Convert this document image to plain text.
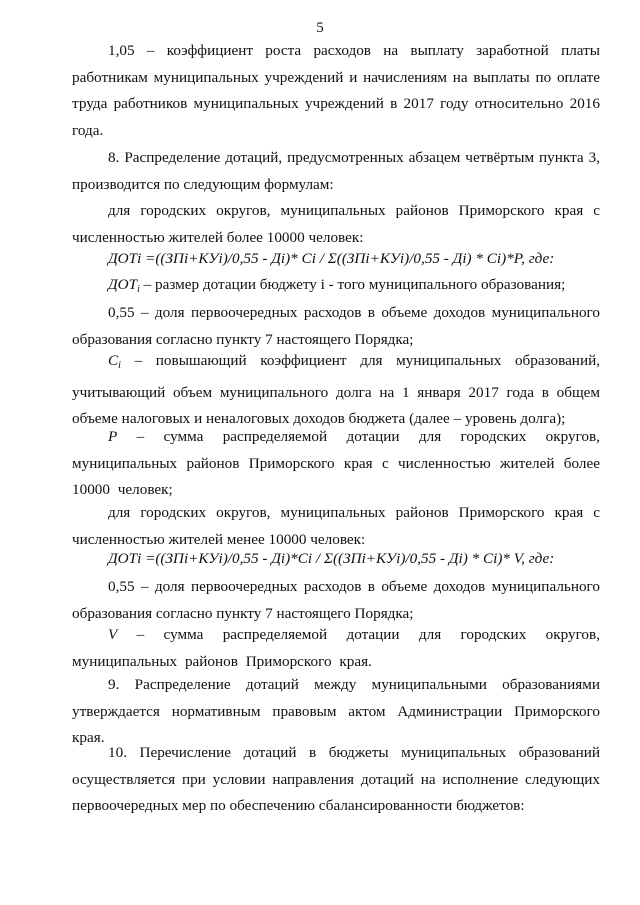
5

1,05 – коэффициент роста расходов на выплату заработной платы работникам муниципальных учреждений и начислениям на выплаты по оплате труда работников муниципальных учреждений в 2017 году относительно 2016 года.

8. Распределение дотаций, предусмотренных абзацем четвёртым пункта 3, производится по следующим формулам:

для городских округов, муниципальных районов Приморского края с численностью жителей более 10000 человек:

ДОТi =((ЗПi+КУi)/0,55 - Дi)* Ci / Σ((ЗПi+КУi)/0,55 - Дi) * Ci)*P, где:

$ДОТ_i$ – размер дотации бюджету i - того муниципального образования;

0,55 – доля первоочередных расходов в объеме доходов муниципального образования согласно пункту 7 настоящего Порядка;

$C_i$ – повышающий коэффициент для муниципальных образований, учитывающий объем муниципального долга на 1 января 2017 года в общем объеме налоговых и неналоговых доходов бюджета (далее – уровень долга);

P – сумма распределяемой дотации для городских округов, муниципальных районов Приморского края с численностью жителей более 10000 человек;

для городских округов, муниципальных районов Приморского края с численностью жителей менее 10000 человек:

ДОТi =((ЗПi+КУi)/0,55 - Дi)*Ci / Σ((ЗПi+КУi)/0,55 - Дi) * Ci)* V, где:

0,55 – доля первоочередных расходов в объеме доходов муниципального образования согласно пункту 7 настоящего Порядка;

V – сумма распределяемой дотации для городских округов, муниципальных районов Приморского края.

9. Распределение дотаций между муниципальными образованиями утверждается нормативным правовым актом Администрации Приморского края.

10. Перечисление дотаций в бюджеты муниципальных образований осуществляется при условии направления дотаций на исполнение следующих первоочередных мер по обеспечению сбалансированности бюджетов:
